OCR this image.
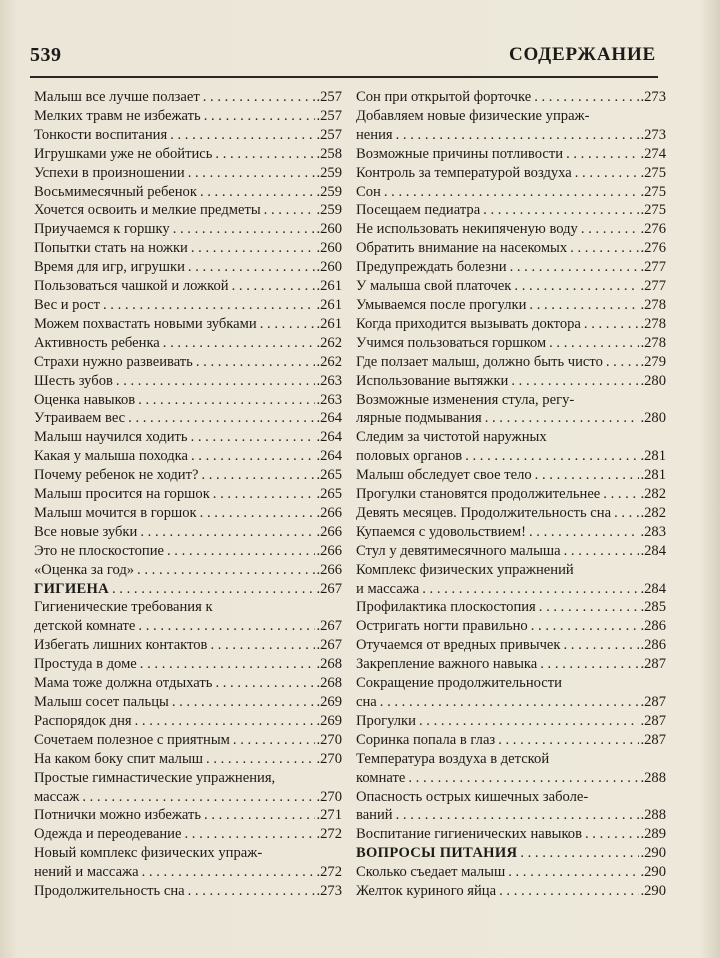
539	СОДЕРЖАНИЕ
Малыш все лучше ползает . . .	.257
Мелких травм не избежать . . .	.257
Тонкости воспитания . . .	.257
Игрушками уже не обойтись . . .	.258
Успехи в произношении . . .	.259
Восьмимесячный ребенок . . .	.259
Хочется освоить и мелкие предметы . . .	.259
Приучаемся к горшку . . .	.260
Попытки стать на ножки . . .	.260
Время для игр, игрушки . . .	.260
Пользоваться чашкой и ложкой . . .	.261
Вес и рост . . .	.261
Можем похвастать новыми зубками . . .	.261
Активность ребенка . . .	.262
Страхи нужно развеивать . . .	.262
Шесть зубов . . .	.263
Оценка навыков . . .	.263
Утраиваем вес . . .	.264
Малыш научился ходить . . .	.264
Какая у малыша походка . . .	.264
Почему ребенок не ходит? . . .	.265
Малыш просится на горшок . . .	.265
Малыш мочится в горшок . . .	.266
Все новые зубки . . .	.266
Это не плоскостопие . . .	.266
«Оценка за год» . . .	.266
ГИГИЕНА . . .	.267
Гигиенические требования к
детской комнате . . .	.267
Избегать лишних контактов . . .	.267
Простуда в доме . . .	.268
Мама тоже должна отдыхать . . .	.268
Малыш сосет пальцы . . .	.269
Распорядок дня . . .	.269
Сочетаем полезное с приятным . . .	.270
На каком боку спит малыш . . .	.270
Простые гимнастические упражнения,
массаж . . .	.270
Потнички можно избежать . . .	.271
Одежда и переодевание . . .	.272
Новый комплекс физических упраж-
нений и массажа . . .	.272
Продолжительность сна . . .	.273
Сон при открытой форточке . . .	.273
Добавляем новые физические упраж-
нения . . .	.273
Возможные причины потливости . . .	.274
Контроль за температурой воздуха . . .	.275
Сон . . .	.275
Посещаем педиатра . . .	.275
Не использовать некипяченую воду . . .	.276
Обратить внимание на насекомых . . .	.276
Предупреждать болезни . . .	.277
У малыша свой платочек . . .	.277
Умываемся после прогулки . . .	.278
Когда приходится вызывать доктора . . .	.278
Учимся пользоваться горшком . . .	.278
Где ползает малыш, должно быть чисто . . .	.279
Использование вытяжки . . .	.280
Возможные изменения стула, регу-
лярные подмывания . . .	.280
Следим за чистотой наружных
половых органов . . .	.281
Малыш обследует свое тело . . .	.281
Прогулки становятся продолжительнее . . .	.282
Девять месяцев. Продолжительность сна . . . .282
Купаемся с удовольствием! . . .	.283
Стул у девятимесячного малыша . . .	.284
Комплекс физических упражнений
и массажа . . .	.284
Профилактика плоскостопия . . .	.285
Остригать ногти правильно . . .	.286
Отучаемся от вредных привычек . . .	.286
Закрепление важного навыка . . .	.287
Сокращение продолжительности
сна . . .	.287
Прогулки . . .	.287
Соринка попала в глаз . . .	.287
Температура воздуха в детской
комнате . . .	.288
Опасность острых кишечных заболе-
ваний . . .	.288
Воспитание гигиенических навыков . . .	.289
ВОПРОСЫ ПИТАНИЯ . . .	.290
Сколько съедает малыш . . .	.290
Желток куриного яйца . . .	.290
